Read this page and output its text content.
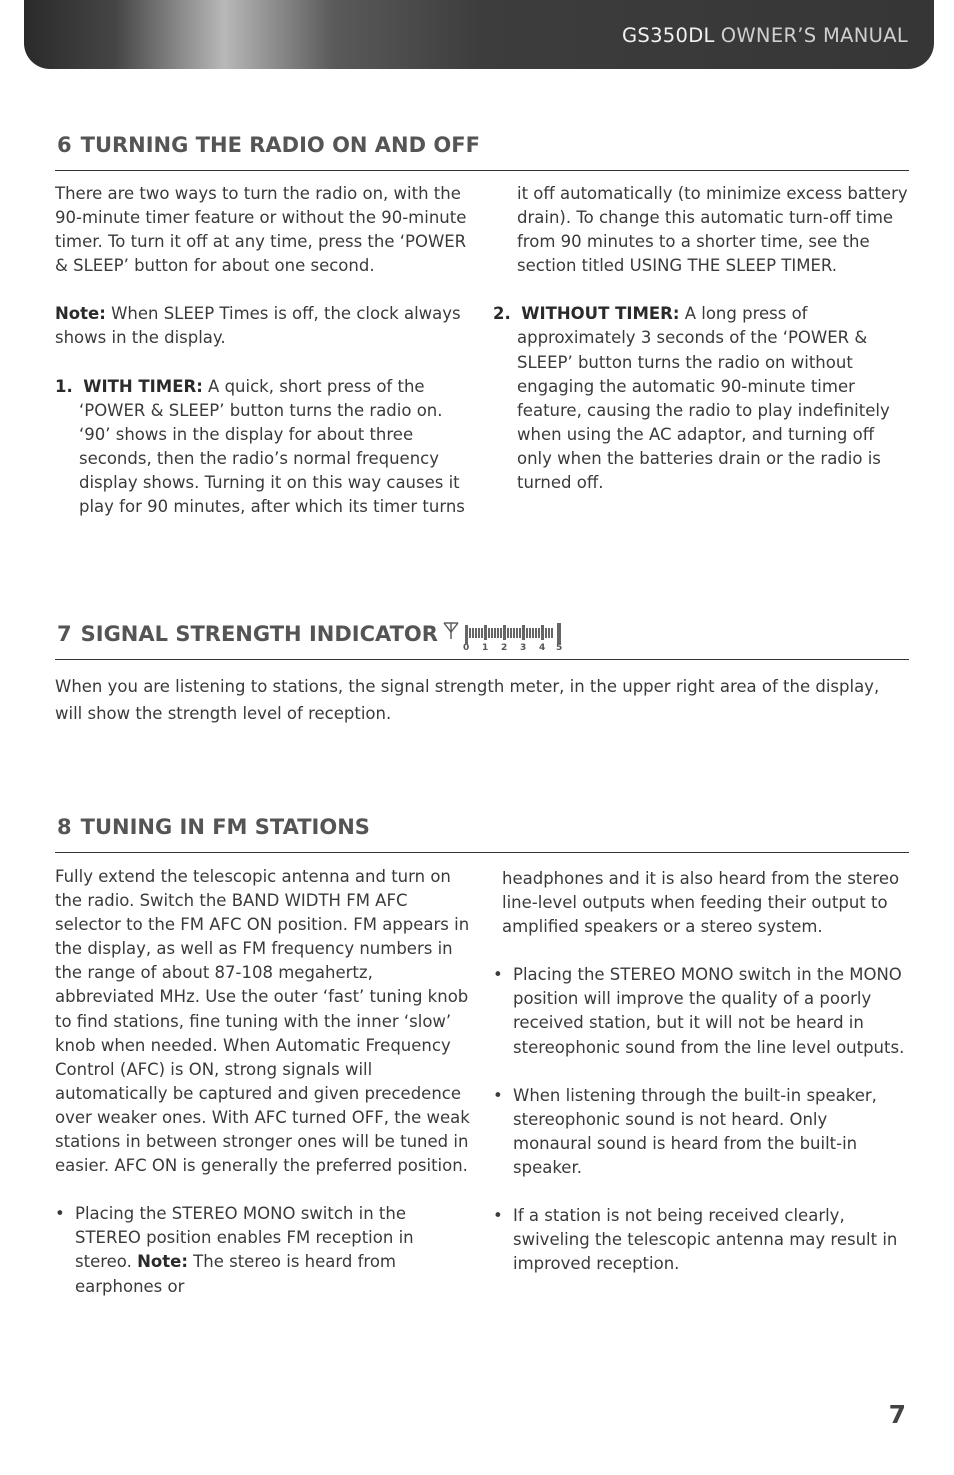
GS350DL OWNER’S MANUAL
6 TURNING THE RADIO ON AND OFF

There are two ways to turn the radio on, with the 90-minute timer feature or without the 90-minute timer. To turn it off at any time, press the ‘POWER & SLEEP’ button for about one second.

Note: When SLEEP Times is off, the clock always shows in the display.

1. WITH TIMER: A quick, short press of the ‘POWER & SLEEP’ button turns the radio on. ‘90’ shows in the display for about three seconds, then the radio’s normal frequency display shows. Turning it on this way causes it play for 90 minutes, after which its timer turns

it off automatically (to minimize excess battery drain). To change this automatic turn-off time from 90 minutes to a shorter time, see the section titled USING THE SLEEP TIMER.

2. WITHOUT TIMER: A long press of approximately 3 seconds of the ‘POWER & SLEEP’ button turns the radio on without engaging the automatic 90-minute timer feature, causing the radio to play indefinitely when using the AC adaptor, and turning off only when the batteries drain or the radio is turned off.

7 SIGNAL STRENGTH INDICATOR
0 1 2 3 4 5

When you are listening to stations, the signal strength meter, in the upper right area of the display, will show the strength level of reception.

8 TUNING IN FM STATIONS

Fully extend the telescopic antenna and turn on the radio. Switch the BAND WIDTH FM AFC selector to the FM AFC ON position. FM appears in the display, as well as FM frequency numbers in the range of about 87-108 megahertz, abbreviated MHz. Use the outer ‘fast’ tuning knob to find stations, fine tuning with the inner ‘slow’ knob when needed. When Automatic Frequency Control (AFC) is ON, strong signals will automatically be captured and given precedence over weaker ones. With AFC turned OFF, the weak stations in between stronger ones will be tuned in easier. AFC ON is generally the preferred position.

• Placing the STEREO MONO switch in the STEREO position enables FM reception in stereo. Note: The stereo is heard from earphones or

headphones and it is also heard from the stereo line-level outputs when feeding their output to amplified speakers or a stereo system.

• Placing the STEREO MONO switch in the MONO position will improve the quality of a poorly received station, but it will not be heard in stereophonic sound from the line level outputs.

• When listening through the built-in speaker, stereophonic sound is not heard. Only monaural sound is heard from the built-in speaker.

• If a station is not being received clearly, swiveling the telescopic antenna may result in improved reception.

7
